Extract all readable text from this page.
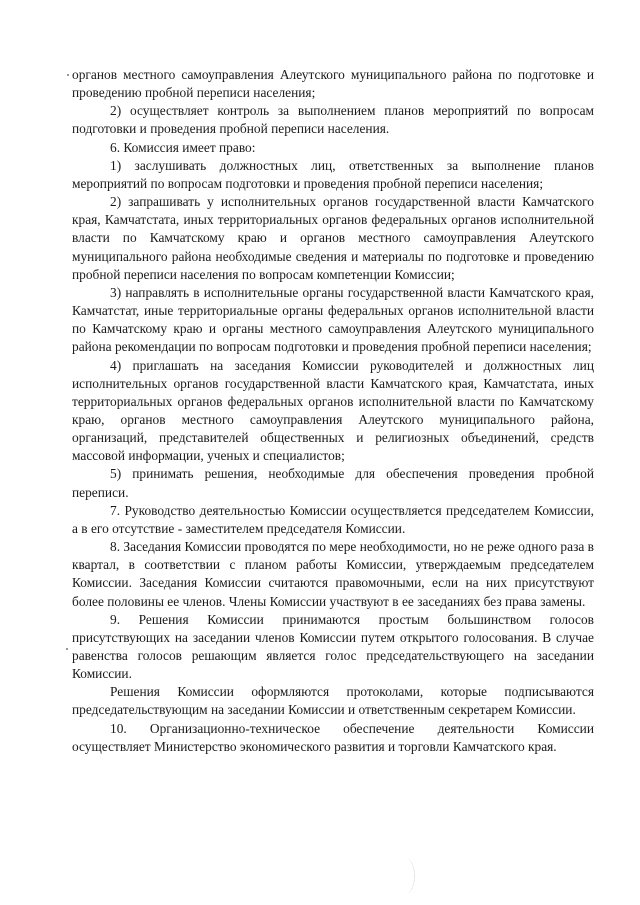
органов местного самоуправления Алеутского муниципального района по подготовке и проведению пробной переписи населения;

2) осуществляет контроль за выполнением планов мероприятий по вопросам подготовки и проведения пробной переписи населения.

6. Комиссия имеет право:

1) заслушивать должностных лиц, ответственных за выполнение планов мероприятий по вопросам подготовки и проведения пробной переписи населения;

2) запрашивать у исполнительных органов государственной власти Камчатского края, Камчатстата, иных территориальных органов федеральных органов исполнительной власти по Камчатскому краю и органов местного самоуправления Алеутского муниципального района необходимые сведения и материалы по подготовке и проведению пробной переписи населения по вопросам компетенции Комиссии;

3) направлять в исполнительные органы государственной власти Камчатского края, Камчатстат, иные территориальные органы федеральных органов исполнительной власти по Камчатскому краю и органы местного самоуправления Алеутского муниципального района рекомендации по вопросам подготовки и проведения пробной переписи населения;

4) приглашать на заседания Комиссии руководителей и должностных лиц исполнительных органов государственной власти Камчатского края, Камчатстата, иных территориальных органов федеральных органов исполнительной власти по Камчатскому краю, органов местного самоуправления Алеутского муниципального района, организаций, представителей общественных и религиозных объединений, средств массовой информации, ученых и специалистов;

5) принимать решения, необходимые для обеспечения проведения пробной переписи.

7. Руководство деятельностью Комиссии осуществляется председателем Комиссии, а в его отсутствие - заместителем председателя Комиссии.

8. Заседания Комиссии проводятся по мере необходимости, но не реже одного раза в квартал, в соответствии с планом работы Комиссии, утверждаемым председателем Комиссии. Заседания Комиссии считаются правомочными, если на них присутствуют более половины ее членов. Члены Комиссии участвуют в ее заседаниях без права замены.

9. Решения Комиссии принимаются простым большинством голосов присутствующих на заседании членов Комиссии путем открытого голосования. В случае равенства голосов решающим является голос председательствующего на заседании Комиссии.

Решения Комиссии оформляются протоколами, которые подписываются председательствующим на заседании Комиссии и ответственным секретарем Комиссии.

10. Организационно-техническое обеспечение деятельности Комиссии осуществляет Министерство экономического развития и торговли Камчатского края.
